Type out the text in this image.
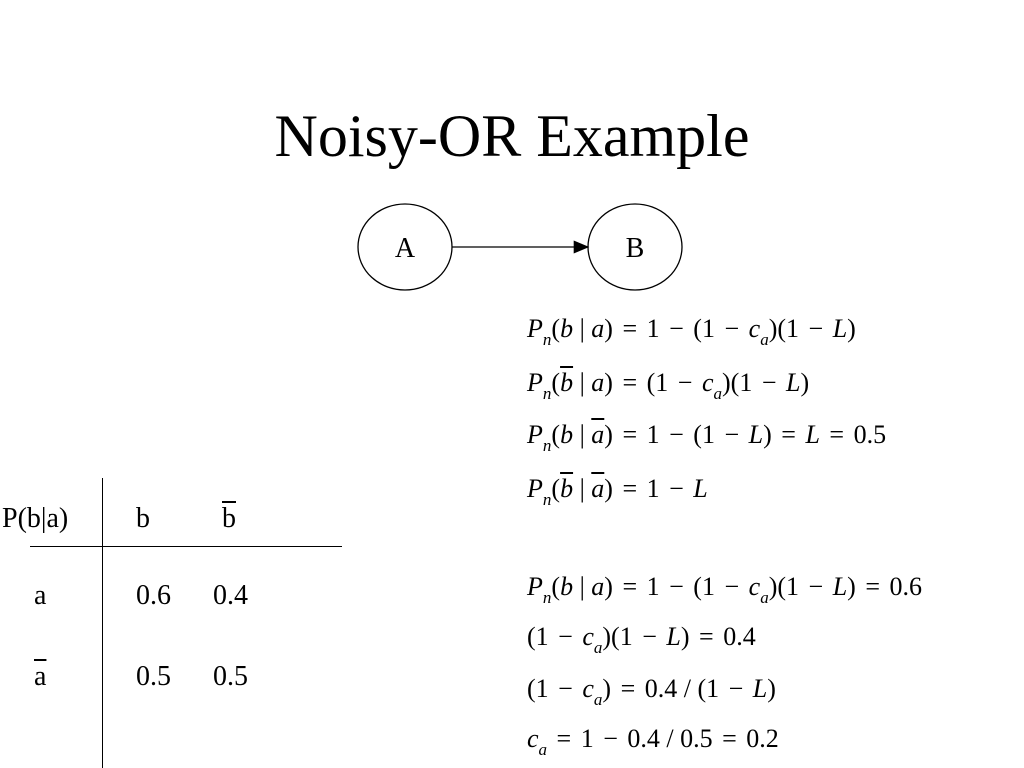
Noisy-OR Example
A	B
$P_n(b$ | $a) = 1 - (1 - c_a)(1 - L)$
$P_n(\overline{b}$ | $a) = (1 - c_a)(1 - L)$
$P_n(b$ | $\overline{a}) = 1 - (1 - L) = L = 0.5$
$P_n(\overline{b}$ | $\overline{a}) = 1 - L$
$P_n(b$ | $a) = 1 - (1 - c_a)(1 - L) = 0.6$
$(1 - c_a)(1 - L) = 0.4$
$(1 - c_a) = 0.4 / (1 - L)$
$c_a = 1 - 0.4 / 0.5 = 0.2$
P(b|a) b	$\overline{b}$
a	0.6 0.4
$\overline{a}$	0.5 0.5
